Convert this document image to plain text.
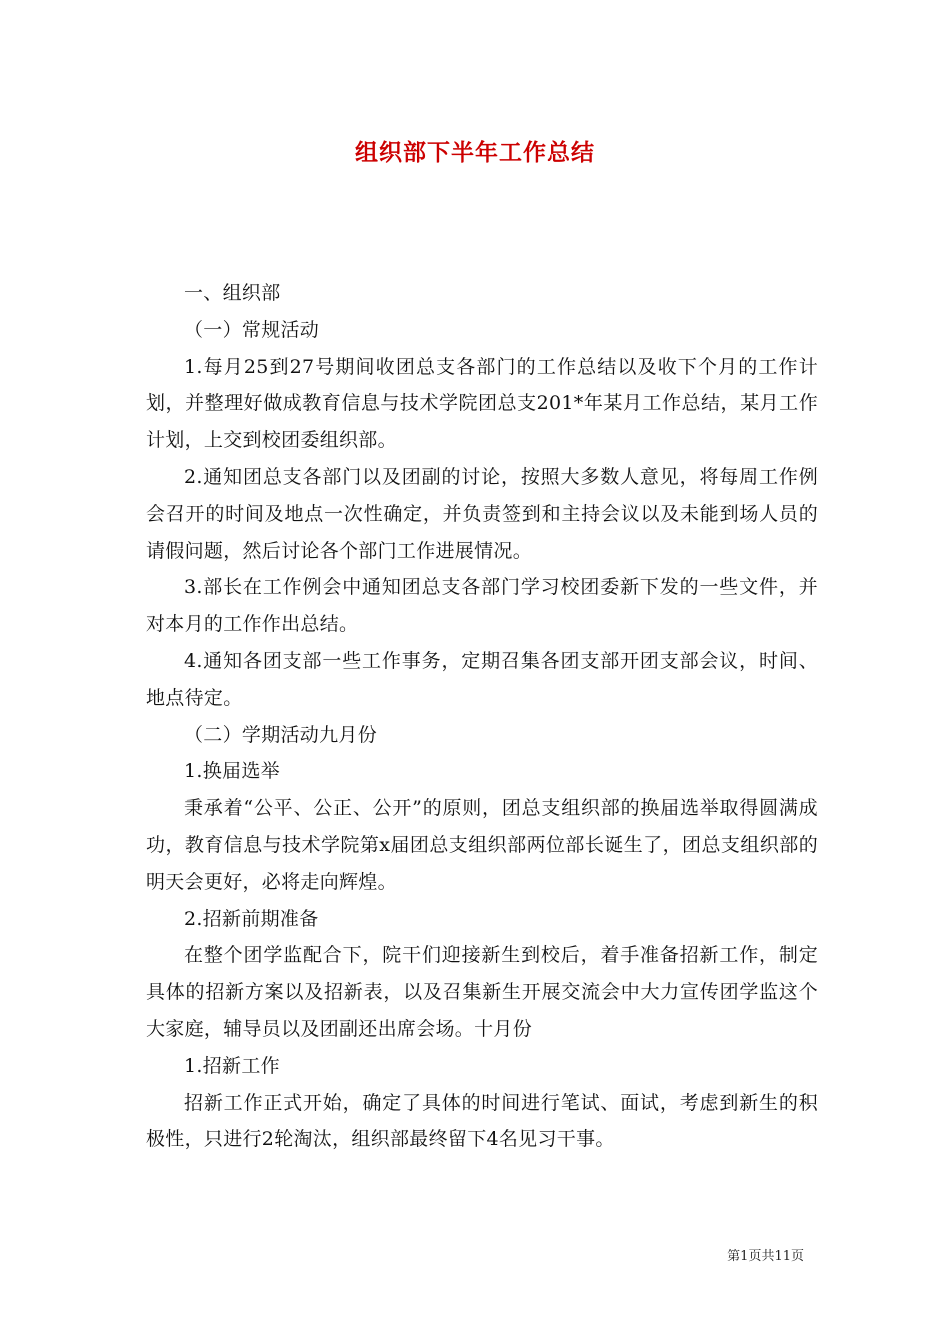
组织部下半年工作总结

一、组织部

（一）常规活动

1.每月25到27号期间收团总支各部门的工作总结以及收下个月的工作计划，并整理好做成教育信息与技术学院团总支201*年某月工作总结，某月工作计划，上交到校团委组织部。

2.通知团总支各部门以及团副的讨论，按照大多数人意见，将每周工作例会召开的时间及地点一次性确定，并负责签到和主持会议以及未能到场人员的请假问题，然后讨论各个部门工作进展情况。

3.部长在工作例会中通知团总支各部门学习校团委新下发的一些文件，并对本月的工作作出总结。

4.通知各团支部一些工作事务，定期召集各团支部开团支部会议，时间、地点待定。

（二）学期活动九月份

1.换届选举

秉承着“公平、公正、公开”的原则，团总支组织部的换届选举取得圆满成功，教育信息与技术学院第x届团总支组织部两位部长诞生了，团总支组织部的明天会更好，必将走向辉煌。

2.招新前期准备

在整个团学监配合下，院干们迎接新生到校后，着手准备招新工作，制定具体的招新方案以及招新表，以及召集新生开展交流会中大力宣传团学监这个大家庭，辅导员以及团副还出席会场。十月份

1.招新工作

招新工作正式开始，确定了具体的时间进行笔试、面试，考虑到新生的积极性，只进行2轮淘汰，组织部最终留下4名见习干事。

第1页共11页
